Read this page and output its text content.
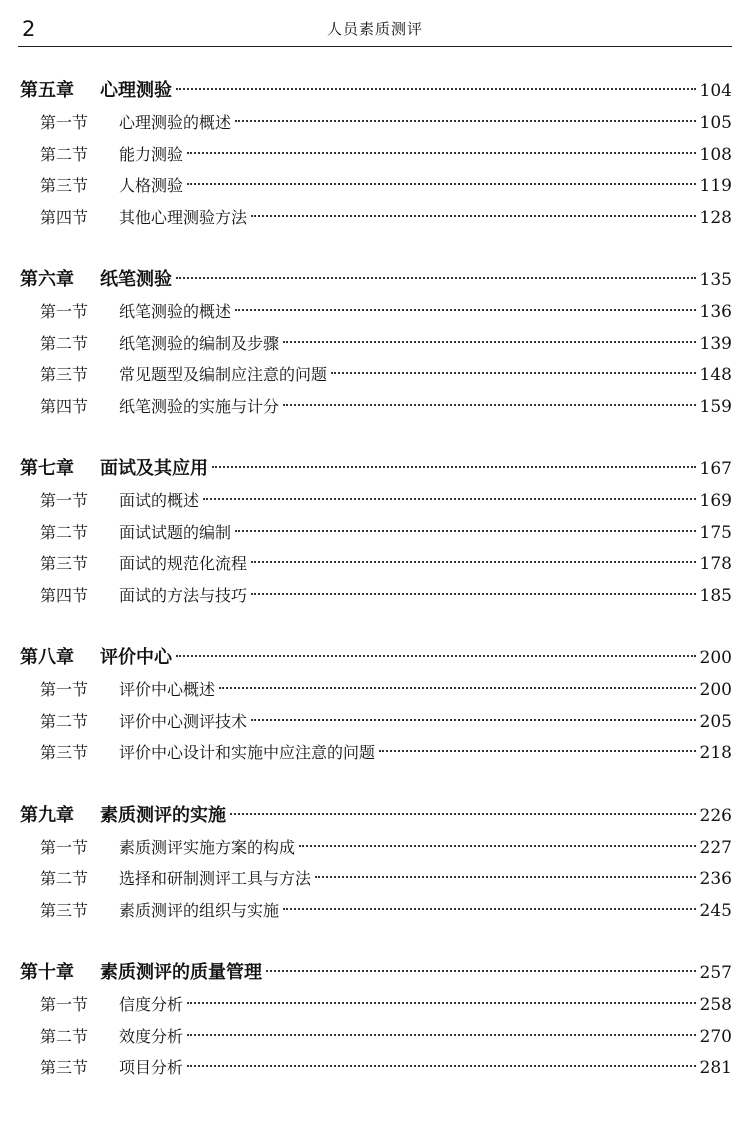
2	人员素质测评
第五章	心理测验	104
第一节	心理测验的概述	105
第二节	能力测验	108
第三节	人格测验	119
第四节	其他心理测验方法	128
第六章	纸笔测验	135
第一节	纸笔测验的概述	136
第二节	纸笔测验的编制及步骤	139
第三节	常见题型及编制应注意的问题	148
第四节	纸笔测验的实施与计分	159
第七章	面试及其应用	167
第一节	面试的概述	169
第二节	面试试题的编制	175
第三节	面试的规范化流程	178
第四节	面试的方法与技巧	185
第八章	评价中心	200
第一节	评价中心概述	200
第二节	评价中心测评技术	205
第三节	评价中心设计和实施中应注意的问题	218
第九章	素质测评的实施	226
第一节	素质测评实施方案的构成	227
第二节	选择和研制测评工具与方法	236
第三节	素质测评的组织与实施	245
第十章	素质测评的质量管理	257
第一节	信度分析	258
第二节	效度分析	270
第三节	项目分析	281
